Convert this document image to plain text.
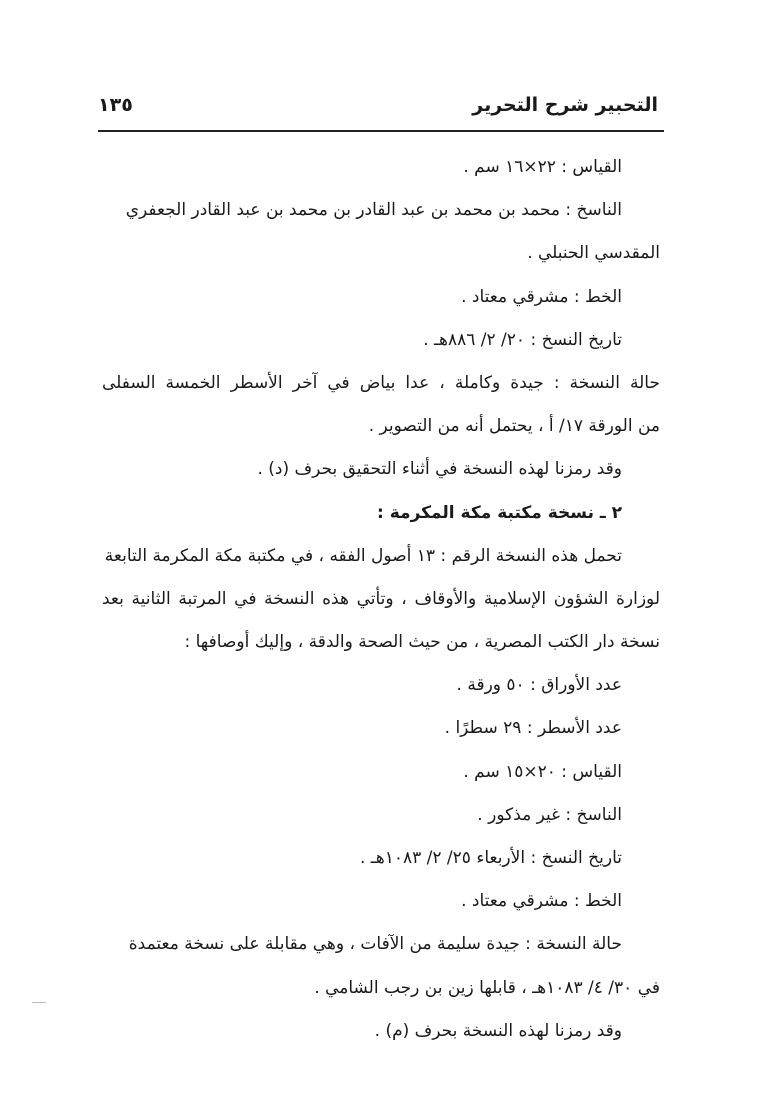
التحبير شرح التحرير
١٣٥
القياس : ٢٢×١٦ سم .
الناسخ : محمد بن محمد بن عبد القادر بن محمد بن عبد القادر الجعفري
المقدسي الحنبلي .
الخط : مشرقي معتاد .
تاريخ النسخ : ٢٠/ ٢/ ٨٨٦هـ .
حالة النسخة : جيدة وكاملة ، عدا بياض في آخر الأسطر الخمسة السفلى
من الورقة ١٧/ أ ، يحتمل أنه من التصوير .
وقد رمزنا لهذه النسخة في أثناء التحقيق بحرف (د) .
٢ ـ نسخة مكتبة مكة المكرمة :
تحمل هذه النسخة الرقم : ١٣ أصول الفقه ، في مكتبة مكة المكرمة التابعة
لوزارة الشؤون الإسلامية والأوقاف ، وتأتي هذه النسخة في المرتبة الثانية بعد
نسخة دار الكتب المصرية ، من حيث الصحة والدقة ، وإليك أوصافها :
عدد الأوراق : ٥٠ ورقة .
عدد الأسطر : ٢٩ سطرًا .
القياس : ٢٠×١٥ سم .
الناسخ : غير مذكور .
تاريخ النسخ : الأربعاء ٢٥/ ٢/ ١٠٨٣هـ .
الخط : مشرقي معتاد .
حالة النسخة : جيدة سليمة من الآفات ، وهي مقابلة على نسخة معتمدة
في ٣٠/ ٤/ ١٠٨٣هـ ، قابلها زين بن رجب الشامي .
وقد رمزنا لهذه النسخة بحرف (م) .
